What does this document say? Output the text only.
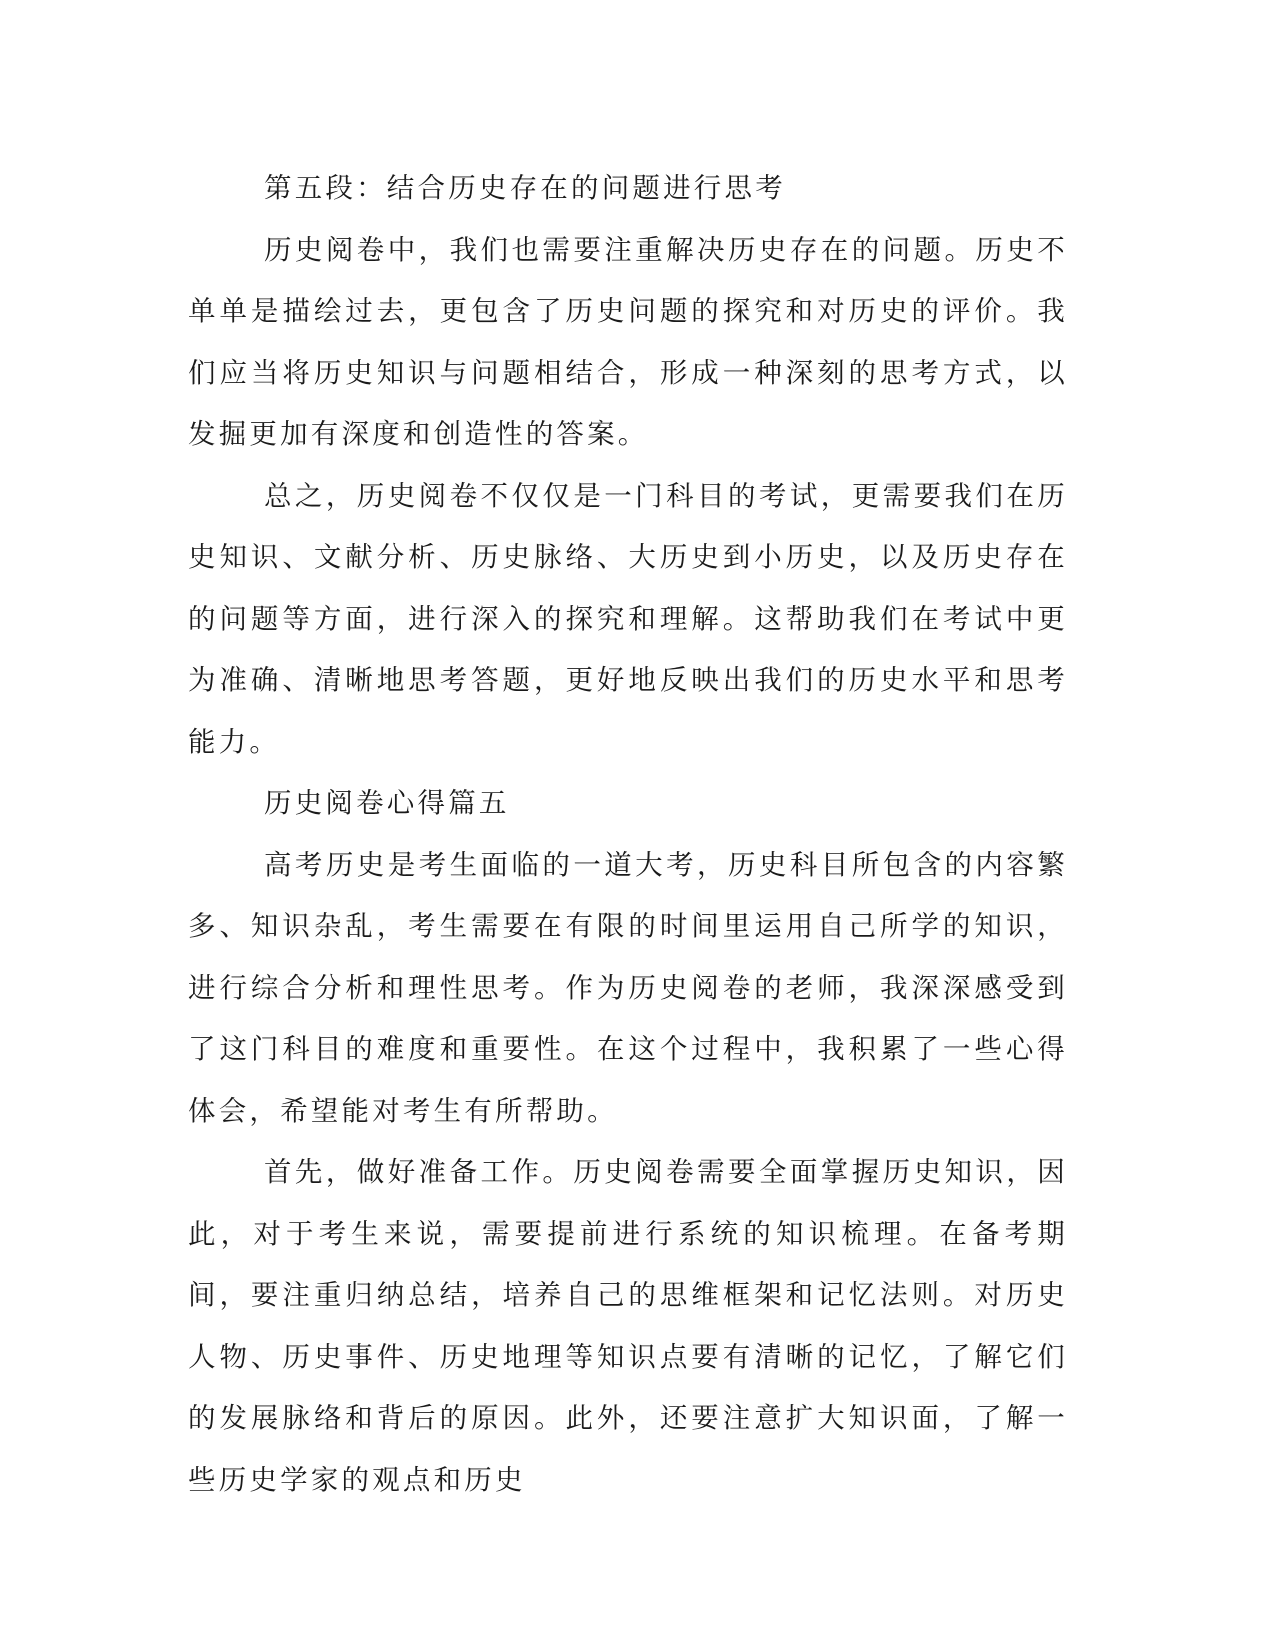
第五段：结合历史存在的问题进行思考

历史阅卷中，我们也需要注重解决历史存在的问题。历史不单单是描绘过去，更包含了历史问题的探究和对历史的评价。我们应当将历史知识与问题相结合，形成一种深刻的思考方式，以发掘更加有深度和创造性的答案。

总之，历史阅卷不仅仅是一门科目的考试，更需要我们在历史知识、文献分析、历史脉络、大历史到小历史，以及历史存在的问题等方面，进行深入的探究和理解。这帮助我们在考试中更为准确、清晰地思考答题，更好地反映出我们的历史水平和思考能力。

历史阅卷心得篇五

高考历史是考生面临的一道大考，历史科目所包含的内容繁多、知识杂乱，考生需要在有限的时间里运用自己所学的知识，进行综合分析和理性思考。作为历史阅卷的老师，我深深感受到了这门科目的难度和重要性。在这个过程中，我积累了一些心得体会，希望能对考生有所帮助。

首先，做好准备工作。历史阅卷需要全面掌握历史知识，因此，对于考生来说，需要提前进行系统的知识梳理。在备考期间，要注重归纳总结，培养自己的思维框架和记忆法则。对历史人物、历史事件、历史地理等知识点要有清晰的记忆，了解它们的发展脉络和背后的原因。此外，还要注意扩大知识面，了解一些历史学家的观点和历史
